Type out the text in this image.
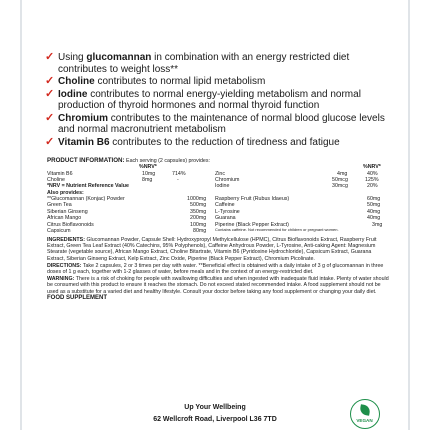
✓ Using glucomannan in combination with an energy restricted diet contributes to weight loss**
✓ Choline contributes to normal lipid metabolism
✓ Iodine contributes to normal energy-yielding metabolism and normal production of thyroid hormones and normal thyroid function
✓ Chromium contributes to the maintenance of normal blood glucose levels and normal macronutrient metabolism
✓ Vitamin B6 contributes to the reduction of tiredness and fatigue
PRODUCT INFORMATION: Each serving (2 capsules) provides:
%NRV*	%NRV*
Vitamin B6	10mg	714%	Zinc	4mg	40%
Choline	8mg	-	Chromium	50mcg	125%
*NRV = Nutrient Reference Value	Iodine	30mcg	20%
Also provides:
**Glucomannan (Konjac) Powder	1000mg Raspberry Fruit (Rubus Idaeus)	60mg
Green Tea	500mg Caffeine	50mg
Siberian Ginseng	350mg L-Tyrosine	40mg
African Mango	200mg Guarana	40mg
Citrus Bioflavonoids	100mg Piperine (Black Pepper Extract)	3mg
Capsicum	80mg Contains caffeine. Not recommended for children or pregnant women.
INGREDIENTS: Glucomannan Powder, Capsule Shell: Hydroxypropyl Methylcellulose (HPMC), Citrus Bioflavonoids Extract, Raspberry Fruit Extract, Green Tea Leaf Extract (40% Catechins, 95% Polyphenols), Caffeine Anhydrous Powder, L-Tyrosine, Anti-caking Agent: Magnesium Stearate (vegetable source), African Mango Extract, Choline Bitartrate, Vitamin B6 (Pyridoxine Hydrochloride), Capsicum Extract, Guarana Extract, Siberian Ginseng Extract, Kelp Extract, Zinc Oxide, Piperine (Black Pepper Extract), Chromium Picolinate.
DIRECTIONS: Take 2 capsules, 2 or 3 times per day with water. **Beneficial effect is obtained with a daily intake of 3 g of glucomannan in three doses of 1 g each, together with 1-2 glasses of water, before meals and in the context of an energy-restricted diet.
WARNING: There is a risk of choking for people with swallowing difficulties and when ingested with inadequate fluid intake. Plenty of water should be consumed with this product to ensure it reaches the stomach. Do not exceed stated recommended intake. A food supplement should not be used as a substitute for a varied diet and healthy lifestyle. Consult your doctor before taking any food supplement or changing your daily diet. FOOD SUPPLEMENT
Up Your Wellbeing
62 Wellcroft Road, Liverpool L36 7TD	VEGAN
